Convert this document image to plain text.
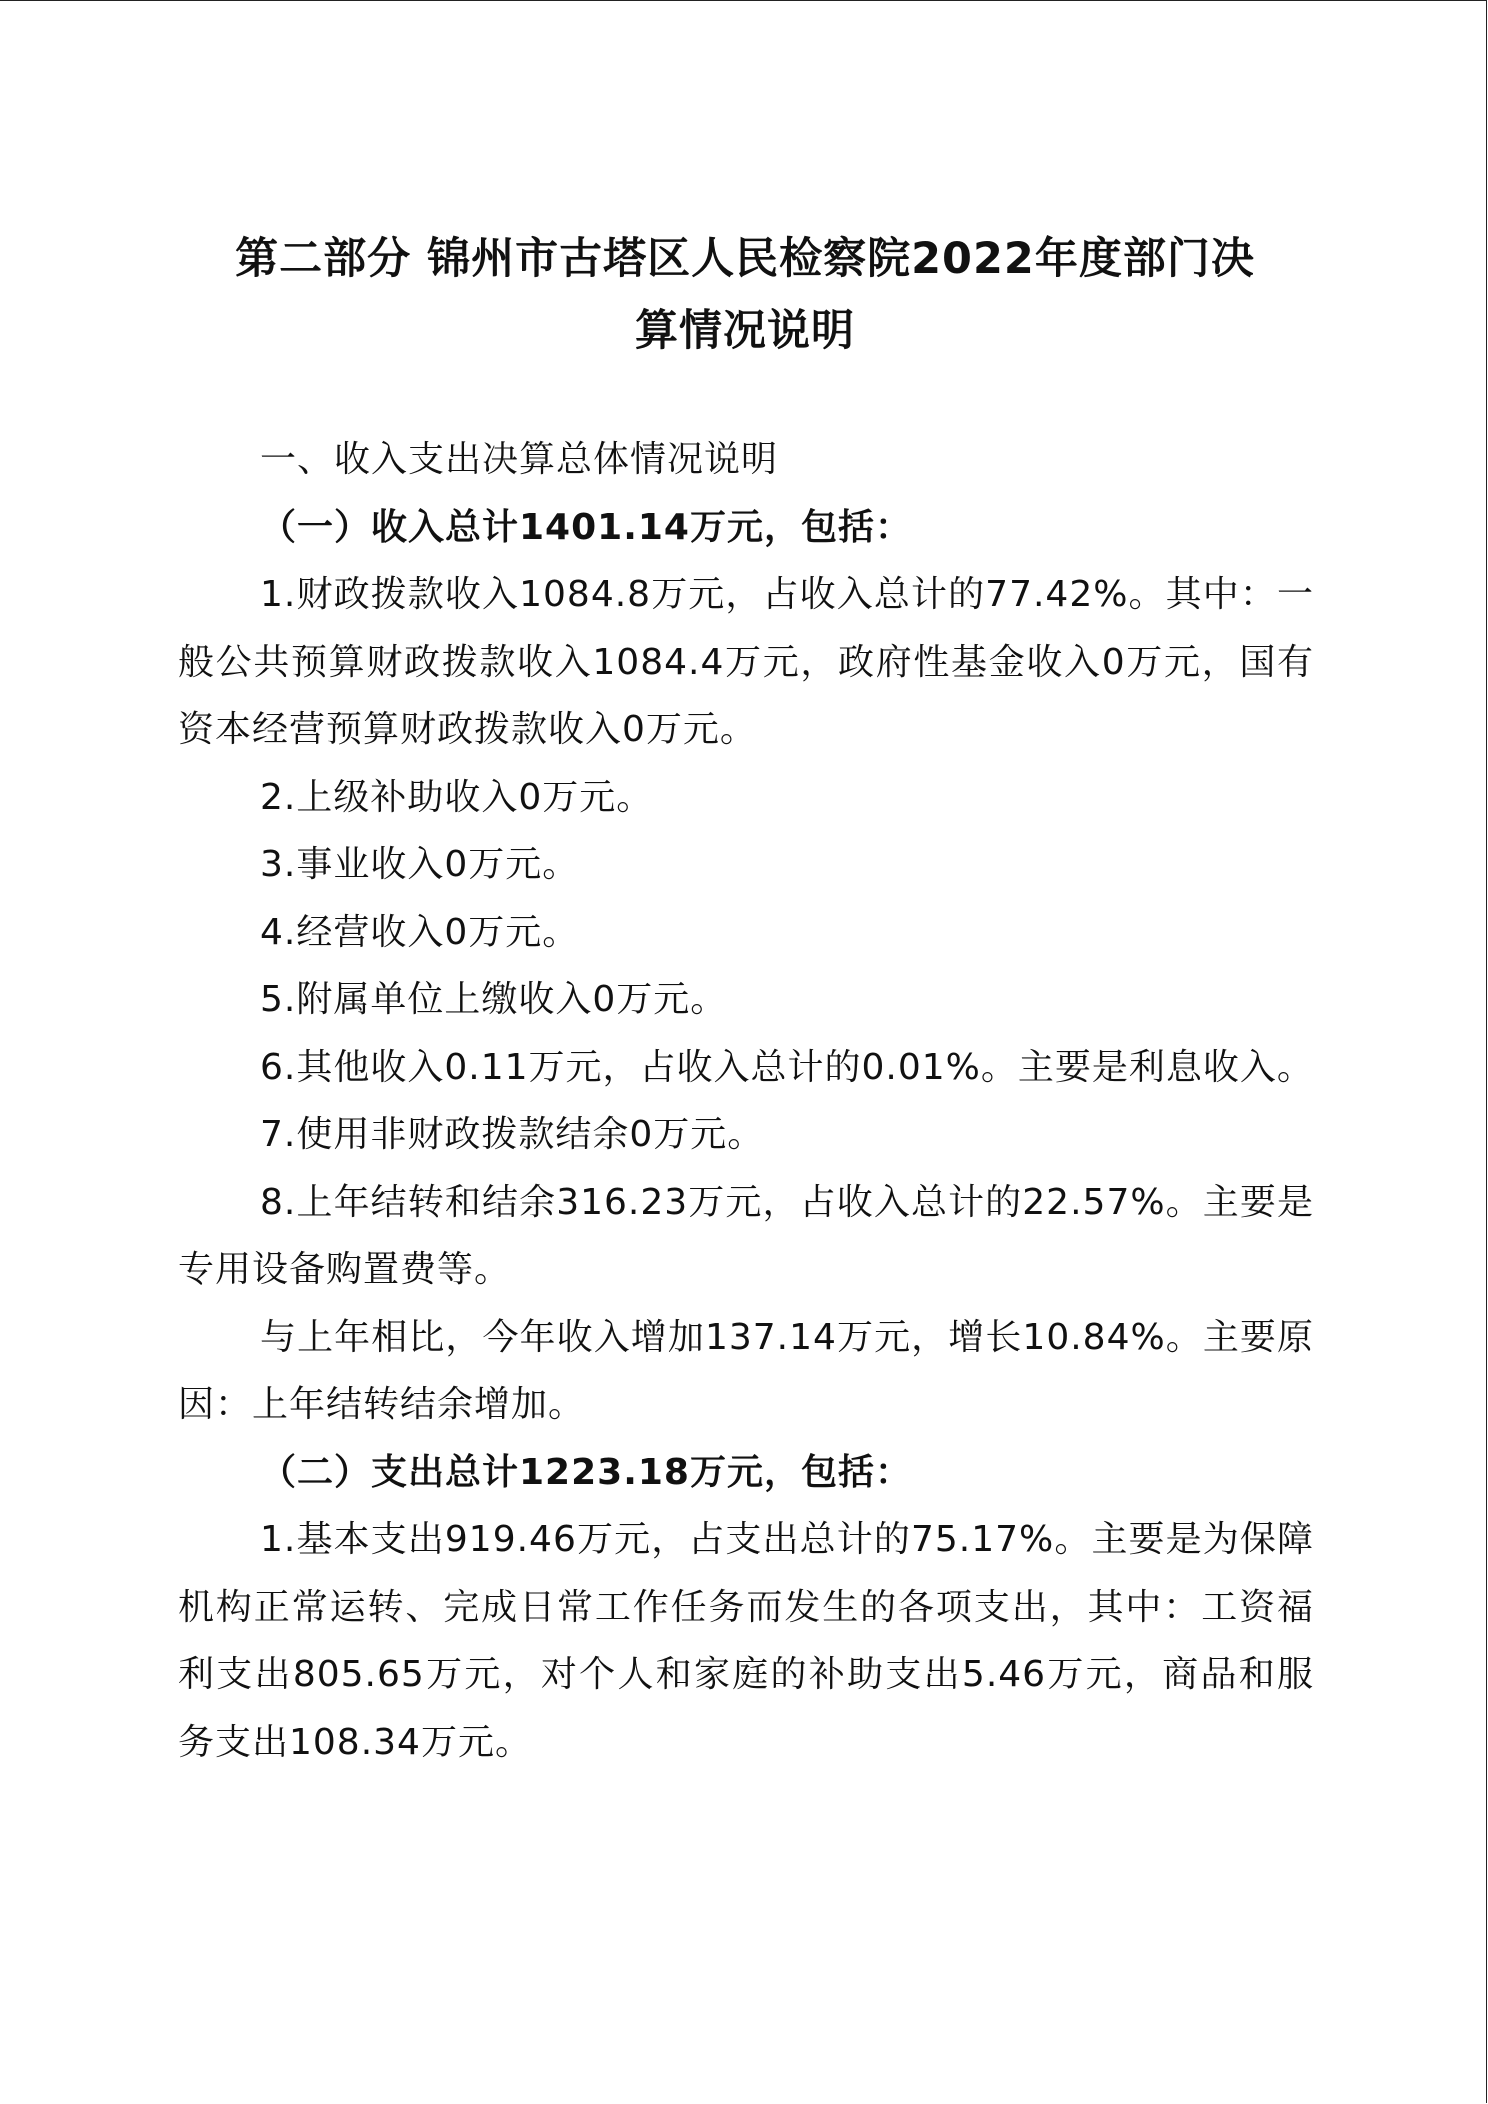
第二部分 锦州市古塔区人民检察院2022年度部门决
算情况说明

一、收入支出决算总体情况说明

（一）收入总计1401.14万元，包括：

1.财政拨款收入1084.8万元，占收入总计的77.42%。其中：一般公共预算财政拨款收入1084.4万元，政府性基金收入0万元，国有资本经营预算财政拨款收入0万元。

2.上级补助收入0万元。

3.事业收入0万元。

4.经营收入0万元。

5.附属单位上缴收入0万元。

6.其他收入0.11万元，占收入总计的0.01%。主要是利息收入。

7.使用非财政拨款结余0万元。

8.上年结转和结余316.23万元，占收入总计的22.57%。主要是专用设备购置费等。

与上年相比，今年收入增加137.14万元，增长10.84%。主要原因：上年结转结余增加。

（二）支出总计1223.18万元，包括：

1.基本支出919.46万元，占支出总计的75.17%。主要是为保障机构正常运转、完成日常工作任务而发生的各项支出，其中：工资福利支出805.65万元，对个人和家庭的补助支出5.46万元，商品和服务支出108.34万元。
